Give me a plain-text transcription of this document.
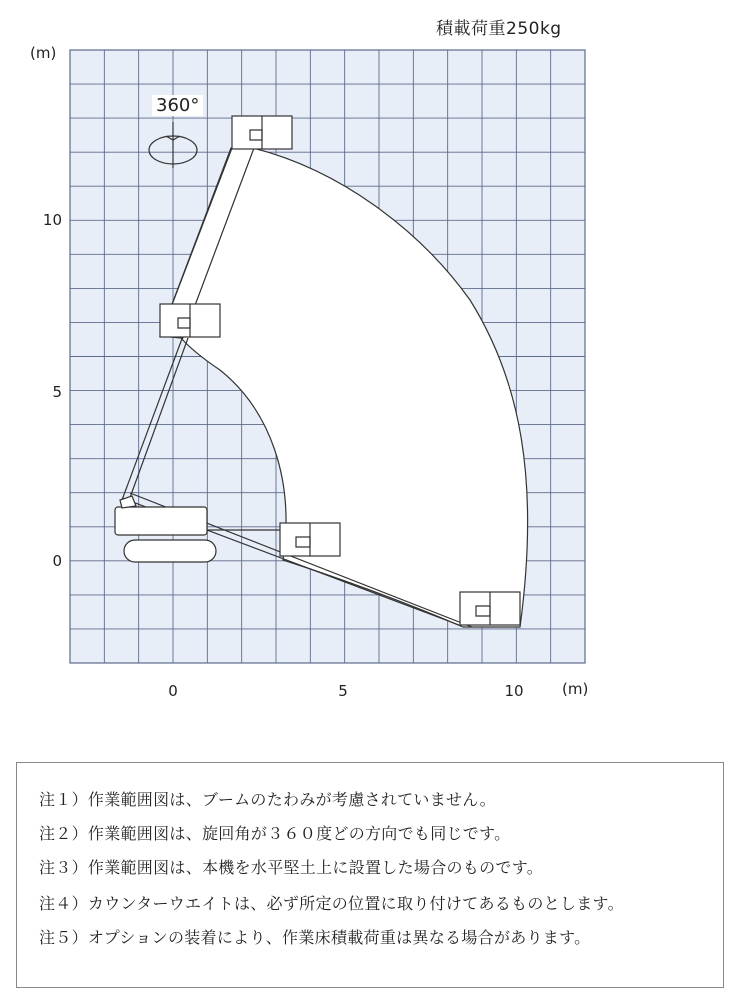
積載荷重250kg
(m)
(m)
360°
10
5
0
0	5	10
注１）作業範囲図は、ブームのたわみが考慮されていません。
注２）作業範囲図は、旋回角が３６０度どの方向でも同じです。
注３）作業範囲図は、本機を水平堅土上に設置した場合のものです。
注４）カウンターウエイトは、必ず所定の位置に取り付けてあるものとします。
注５）オプションの装着により、作業床積載荷重は異なる場合があります。
